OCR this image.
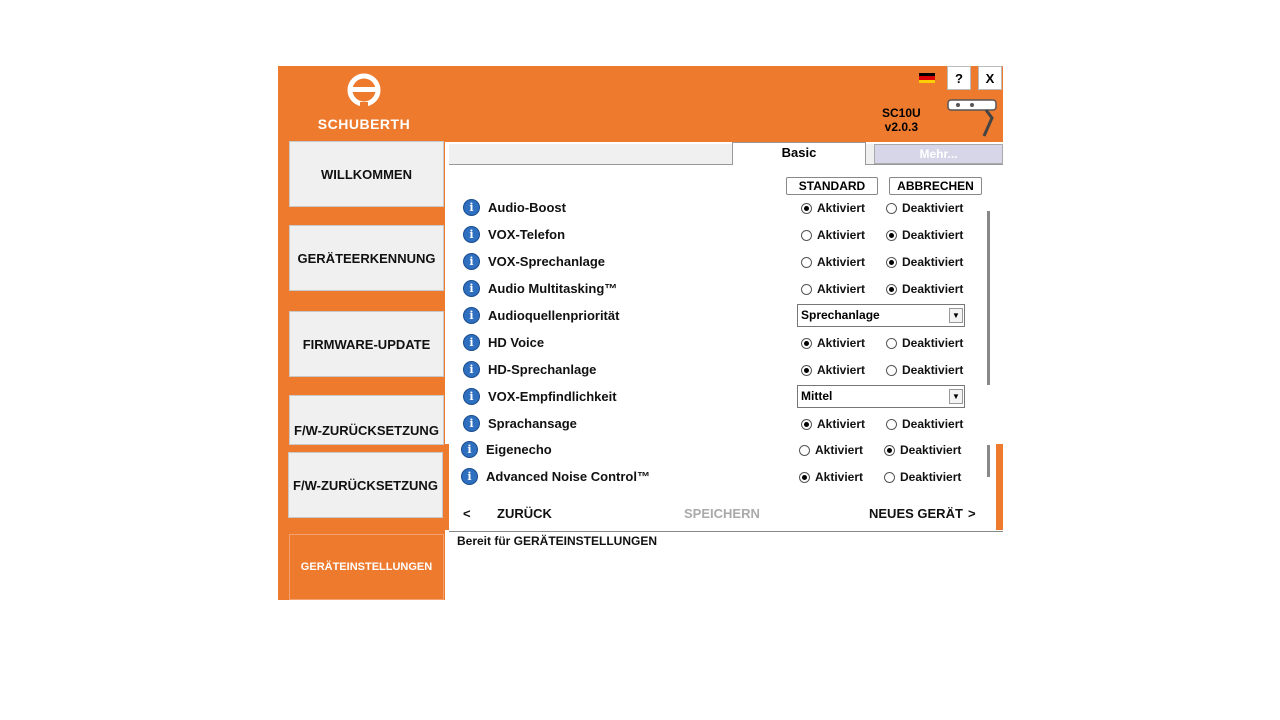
SCHUBERTH
?	X
SC10U
v2.0.3
WILLKOMMEN
GERÄTEERKENNUNG
FIRMWARE-UPDATE
F/W-ZURÜCKSETZUNG
F/W-ZURÜCKSETZUNG
GERÄTEINSTELLUNGEN
Basic	Mehr...
STANDARD	ABBRECHEN
i	Audio-Boost	Aktiviert	Deaktiviert
i	VOX-Telefon	Aktiviert	Deaktiviert
i	VOX-Sprechanlage	Aktiviert	Deaktiviert
i	Audio Multitasking™	Aktiviert	Deaktiviert
i	Audioquellenpriorität	Sprechanlage	▼
i	HD Voice	Aktiviert	Deaktiviert
i	HD-Sprechanlage	Aktiviert	Deaktiviert
i	VOX-Empfindlichkeit	Mittel	▼
i	Sprachansage	Aktiviert	Deaktiviert
i	Eigenecho	Aktiviert	Deaktiviert
i	Advanced Noise Control™	Aktiviert	Deaktiviert
< ZURÜCK	SPEICHERN	NEUES GERÄT >
Bereit für GERÄTEINSTELLUNGEN
